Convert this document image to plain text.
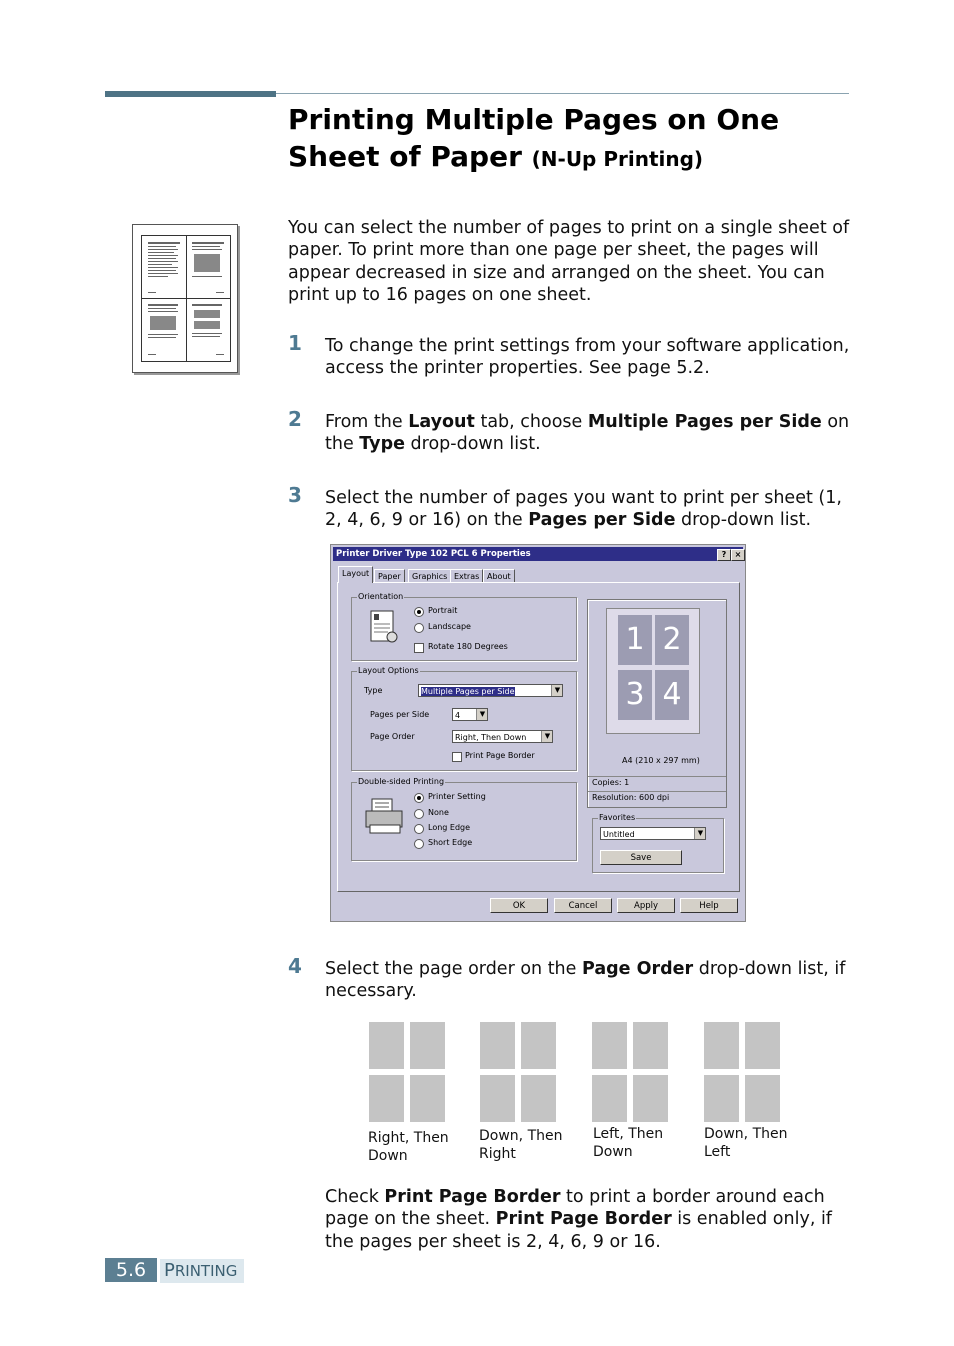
Printing Multiple Pages on One Sheet of Paper (N-Up Printing)
You can select the number of pages to print on a single sheet of paper. To print more than one page per sheet, the pages will appear decreased in size and arranged on the sheet. You can print up to 16 pages on one sheet.
1	To change the print settings from your software application, access the printer properties. See page 5.2.
2	From the Layout tab, choose Multiple Pages per Side on the Type drop-down list.
3	Select the number of pages you want to print per sheet (1, 2, 4, 6, 9 or 16) on the Pages per Side drop-down list.
Printer Driver Type 102 PCL 6 Properties	?	×
Layout	Paper	Graphics Extras About
Orientation
Portrait
Landscape
Rotate 180 Degrees
Layout Options
Type	Multiple Pages per Side	▼
Pages per Side	4	▼
Page Order	Right, Then Down	▼
Print Page Border
Double-sided Printing
Printer Setting
None
Long Edge
Short Edge
1 2
3 4
A4 (210 x 297 mm)
Copies: 1
Resolution: 600 dpi
Favorites
Untitled	▼
Save
OK	Cancel	Apply	Help
4	Select the page order on the Page Order drop-down list, if necessary.
Right, Then
Down
Down, Then
Right
Left, Then
Down
Down, Then
Left
Check Print Page Border to print a border around each page on the sheet. Print Page Border is enabled only, if the pages per sheet is 2, 4, 6, 9 or 16.
5.6 PRINTING
